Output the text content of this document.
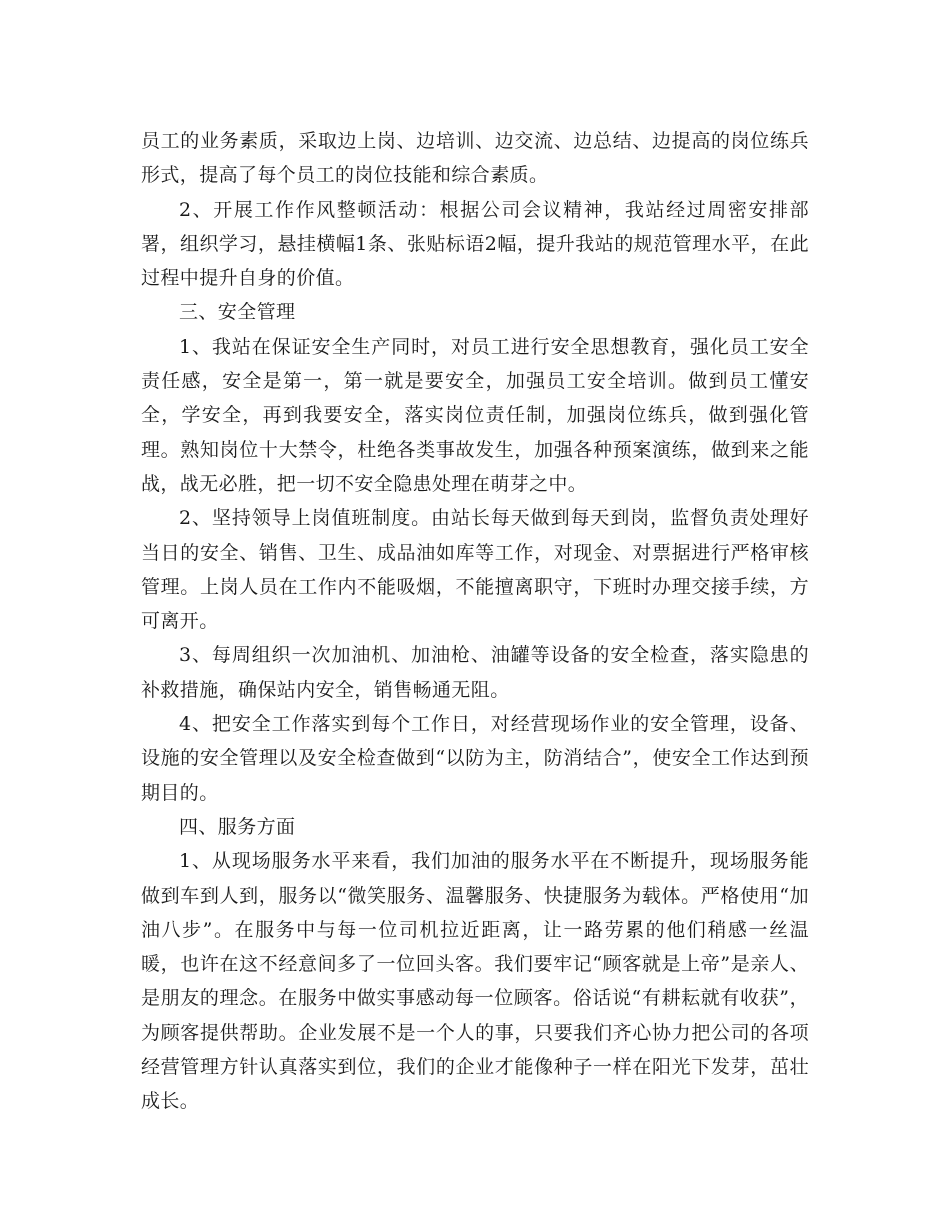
员工的业务素质，采取边上岗、边培训、边交流、边总结、边提高的岗位练兵形式，提高了每个员工的岗位技能和综合素质。

2、开展工作作风整顿活动：根据公司会议精神，我站经过周密安排部署，组织学习，悬挂横幅1条、张贴标语2幅，提升我站的规范管理水平，在此过程中提升自身的价值。

三、安全管理

1、我站在保证安全生产同时，对员工进行安全思想教育，强化员工安全责任感，安全是第一，第一就是要安全，加强员工安全培训。做到员工懂安全，学安全，再到我要安全，落实岗位责任制，加强岗位练兵，做到强化管理。熟知岗位十大禁令，杜绝各类事故发生，加强各种预案演练，做到来之能战，战无必胜，把一切不安全隐患处理在萌芽之中。

2、坚持领导上岗值班制度。由站长每天做到每天到岗，监督负责处理好当日的安全、销售、卫生、成品油如库等工作，对现金、对票据进行严格审核管理。上岗人员在工作内不能吸烟，不能擅离职守，下班时办理交接手续，方可离开。

3、每周组织一次加油机、加油枪、油罐等设备的安全检查，落实隐患的补救措施，确保站内安全，销售畅通无阻。

4、把安全工作落实到每个工作日，对经营现场作业的安全管理，设备、设施的安全管理以及安全检查做到“以防为主，防消结合”，使安全工作达到预期目的。

四、服务方面

1、从现场服务水平来看，我们加油的服务水平在不断提升，现场服务能做到车到人到，服务以“微笑服务、温馨服务、快捷服务为载体。严格使用“加油八步”。在服务中与每一位司机拉近距离，让一路劳累的他们稍感一丝温暖，也许在这不经意间多了一位回头客。我们要牢记“顾客就是上帝”是亲人、是朋友的理念。在服务中做实事感动每一位顾客。俗话说“有耕耘就有收获”，为顾客提供帮助。企业发展不是一个人的事，只要我们齐心协力把公司的各项经营管理方针认真落实到位，我们的企业才能像种子一样在阳光下发芽，茁壮成长。
